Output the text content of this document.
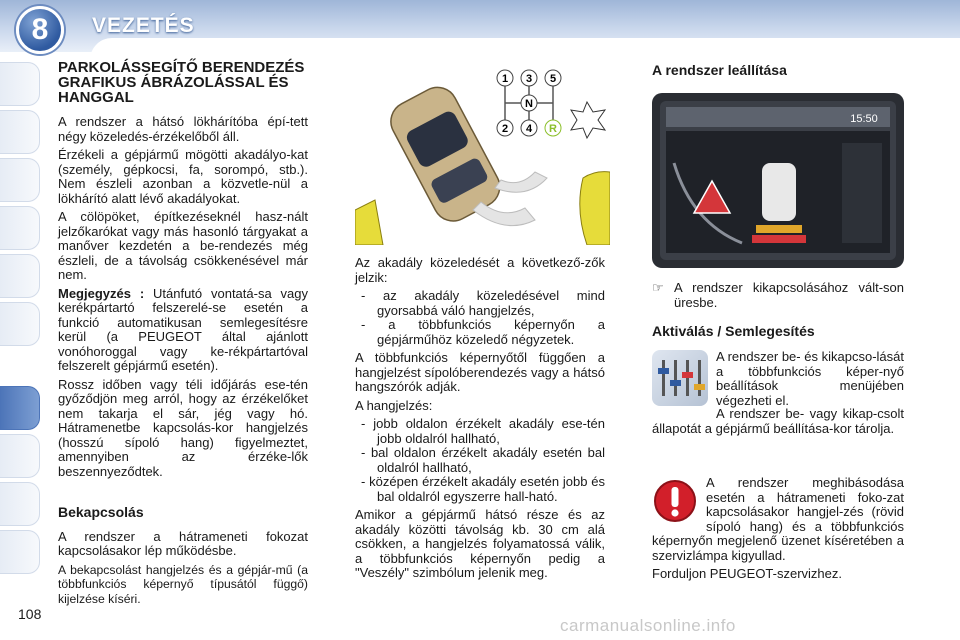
8	VEZETÉS
PARKOLÁSSEGÍTŐ BERENDEZÉS GRAFIKUS ÁBRÁZOLÁSSAL ÉS HANGGAL

A rendszer a hátsó lökhárítóba épí-tett négy közeledés-érzékelőből áll.

Érzékeli a gépjármű mögötti akadályo-kat (személy, gépkocsi, fa, sorompó, stb.). Nem észleli azonban a közvetle-nül a lökhárító alatt lévő akadályokat.

A cölöpöket, építkezéseknél hasz-nált jelzőkarókat vagy más hasonló tárgyakat a manőver kezdetén a be-rendezés még észleli, de a távolság csökkenésével már nem.

Megjegyzés : Utánfutó vontatá-sa vagy kerékpártartó felszerelé-se esetén a funkció automatikusan semlegesítésre kerül (a PEUGEOT által ajánlott vonóhoroggal vagy ke-rékpártartóval felszerelt gépjármű esetén).

Rossz időben vagy téli időjárás ese-tén győződjön meg arról, hogy az érzékelőket nem takarja el sár, jég vagy hó. Hátramenetbe kapcsolás-kor hangjelzés (hosszú sípoló hang) figyelmeztet, amennyiben az érzéke-lők beszennyeződtek.

Bekapcsolás

A rendszer a hátrameneti fokozat kapcsolásakor lép működésbe.

A bekapcsolást hangjelzés és a gépjár-mű (a többfunkciós képernyő típusától függő) kijelzése kíséri.

1 3 5
N
2 4 R

Az akadály közeledését a következő-zők jelzik:

- az akadály közeledésével mind gyorsabbá váló hangjelzés,
- a többfunkciós képernyőn a gépjárműhöz közeledő négyzetek.

A többfunkciós képernyőtől függően a hangjelzést sípolóberendezés vagy a hátsó hangszórók adják.

A hangjelzés:

- jobb oldalon érzékelt akadály ese-tén jobb oldalról hallható,
- bal oldalon érzékelt akadály esetén bal oldalról hallható,
- középen érzékelt akadály esetén jobb és bal oldalról egyszerre hall-ható.

Amikor a gépjármű hátsó része és az akadály közötti távolság kb. 30 cm alá csökken, a hangjelzés folyamatossá válik, a többfunkciós képernyőn pedig a "Veszély" szimbólum jelenik meg.

A rendszer leállítása
15:50
☞ A rendszer kikapcsolásához vált-son üresbe.
Aktiválás / Semlegesítés
A rendszer be- és kikapcso-lását a többfunkciós képer-nyő beállítások menüjében végezheti el.
A rendszer be- vagy kikap-csolt állapotát a gépjármű beállítása-kor tárolja.

A rendszer meghibásodása esetén a hátrameneti foko-zat kapcsolásakor hangjel-zés (rövid sípoló hang) és a többfunkciós képernyőn megjelenő üzenet kíséretében a szervizlámpa kigyullad.

Forduljon PEUGEOT-szervizhez.

108
carmanualsonline.info
